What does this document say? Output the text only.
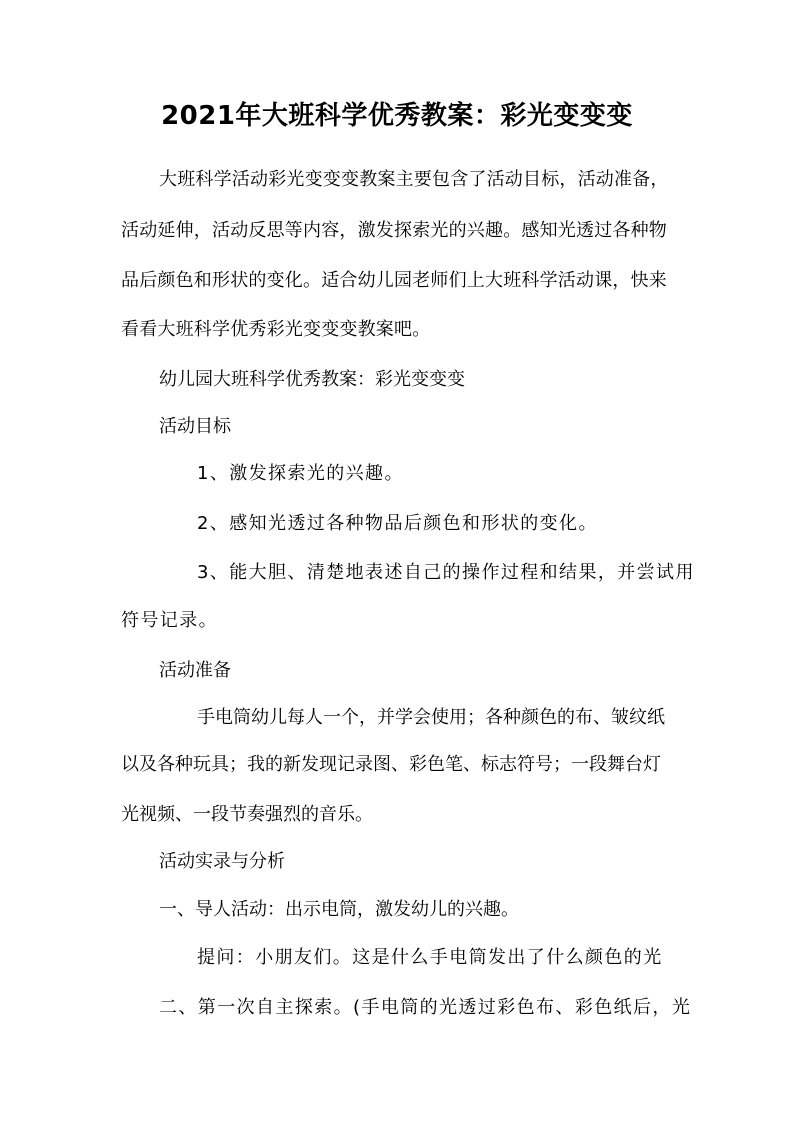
2021年大班科学优秀教案：彩光变变变
大班科学活动彩光变变变教案主要包含了活动目标，活动准备，
活动延伸，活动反思等内容，激发探索光的兴趣。感知光透过各种物
品后颜色和形状的变化。适合幼儿园老师们上大班科学活动课，快来
看看大班科学优秀彩光变变变教案吧。
幼儿园大班科学优秀教案：彩光变变变
活动目标
1、激发探索光的兴趣。
2、感知光透过各种物品后颜色和形状的变化。
3、能大胆、清楚地表述自己的操作过程和结果，并尝试用
符号记录。
活动准备
手电筒幼儿每人一个，并学会使用；各种颜色的布、皱纹纸
以及各种玩具；我的新发现记录图、彩色笔、标志符号；一段舞台灯
光视频、一段节奏强烈的音乐。
活动实录与分析
一、导人活动：出示电筒，激发幼儿的兴趣。
提问：小朋友们。这是什么手电筒发出了什么颜色的光
二、第一次自主探索。(手电筒的光透过彩色布、彩色纸后，光
